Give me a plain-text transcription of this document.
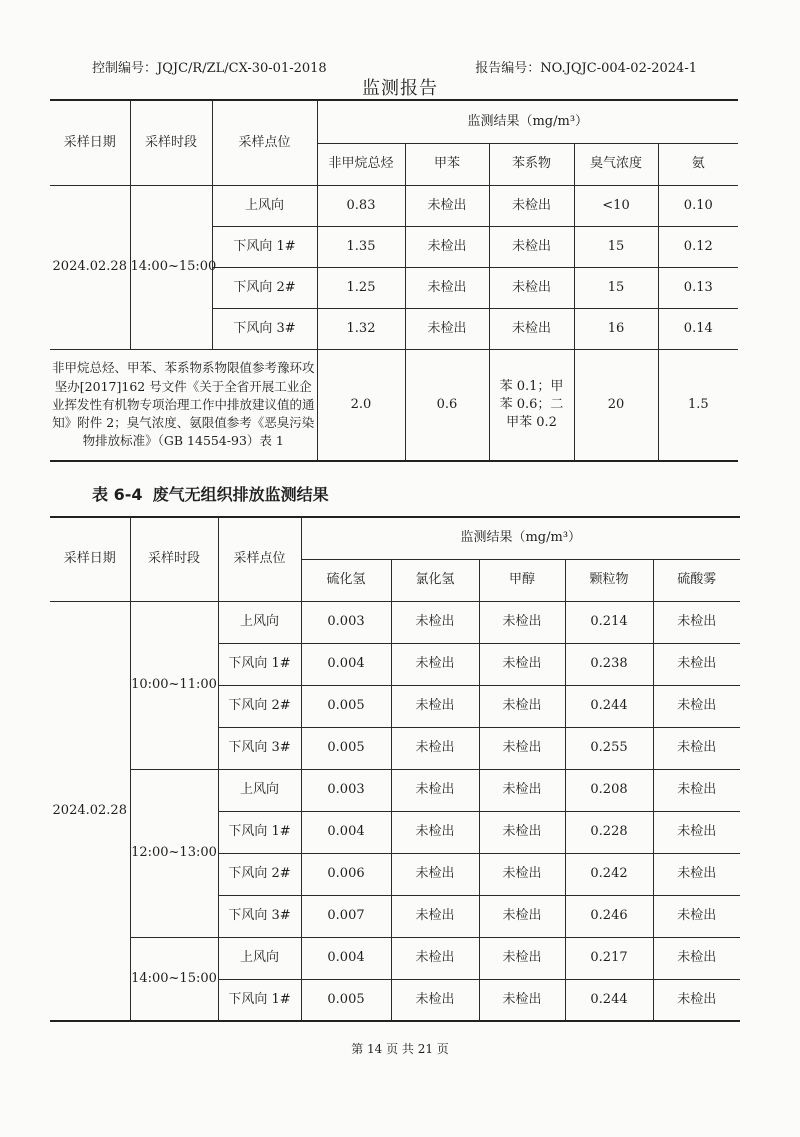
控制编号：JQJC/R/ZL/CX-30-01-2018	报告编号：NO.JQJC-004-02-2024-1
监测报告
采样日期	采样时段	采样点位	监测结果（mg/m³）				
			非甲烷总烃	甲苯	苯系物	臭气浓度	氨
2024.02.28	14:00~15:00	上风向	0.83	未检出	未检出	<10	0.10
		下风向 1#	1.35	未检出	未检出	15	0.12
		下风向 2#	1.25	未检出	未检出	15	0.13
		下风向 3#	1.32	未检出	未检出	16	0.14
非甲烷总烃、甲苯、苯系物系物限值参考豫环攻坚办[2017]162 号文件《关于全省开展工业企业挥发性有机物专项治理工作中排放建议值的通知》附件 2；臭气浓度、氨限值参考《恶臭污染物排放标准》（GB 14554-93）表 1			2.0	0.6	苯 0.1；甲苯 0.6；二甲苯 0.2	20	1.5
表 6-4 废气无组织排放监测结果
采样日期	采样时段	采样点位	监测结果（mg/m³）				
			硫化氢	氯化氢	甲醇	颗粒物	硫酸雾
2024.02.28	10:00~11:00	上风向	0.003	未检出	未检出	0.214	未检出
		下风向 1#	0.004	未检出	未检出	0.238	未检出
		下风向 2#	0.005	未检出	未检出	0.244	未检出
		下风向 3#	0.005	未检出	未检出	0.255	未检出
	12:00~13:00	上风向	0.003	未检出	未检出	0.208	未检出
		下风向 1#	0.004	未检出	未检出	0.228	未检出
		下风向 2#	0.006	未检出	未检出	0.242	未检出
		下风向 3#	0.007	未检出	未检出	0.246	未检出
	14:00~15:00	上风向	0.004	未检出	未检出	0.217	未检出
		下风向 1#	0.005	未检出	未检出	0.244	未检出
第 14 页 共 21 页
